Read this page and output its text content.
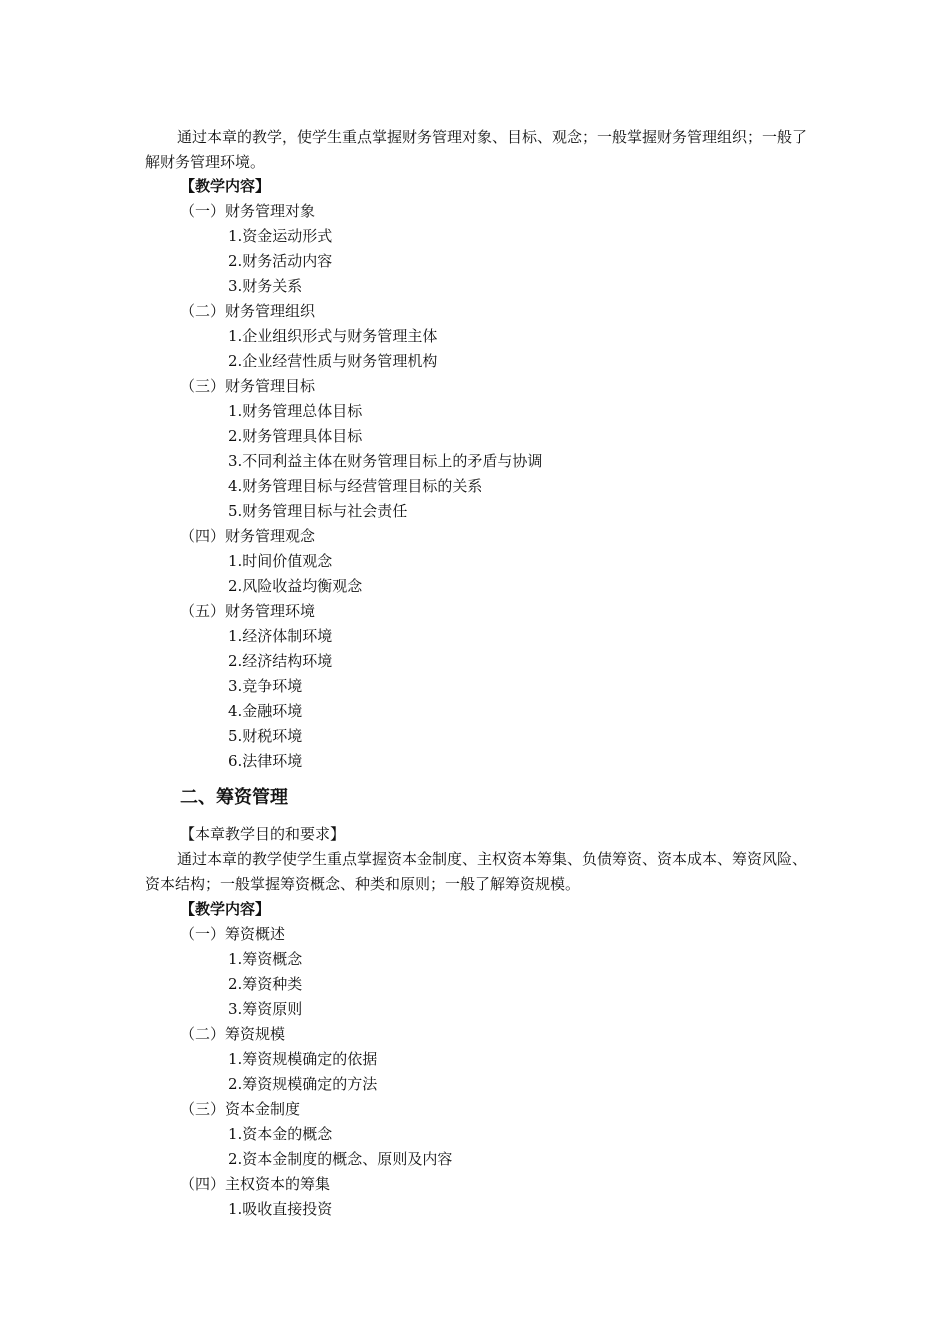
通过本章的教学，使学生重点掌握财务管理对象、目标、观念；一般掌握财务管理组织；一般了解财务管理环境。

【教学内容】

（一）财务管理对象

1.资金运动形式

2.财务活动内容

3.财务关系

（二）财务管理组织

1.企业组织形式与财务管理主体

2.企业经营性质与财务管理机构

（三）财务管理目标

1.财务管理总体目标

2.财务管理具体目标

3.不同利益主体在财务管理目标上的矛盾与协调

4.财务管理目标与经营管理目标的关系

5.财务管理目标与社会责任

（四）财务管理观念

1.时间价值观念

2.风险收益均衡观念

（五）财务管理环境

1.经济体制环境

2.经济结构环境

3.竞争环境

4.金融环境

5.财税环境

6.法律环境

二、筹资管理

【本章教学目的和要求】

通过本章的教学使学生重点掌握资本金制度、主权资本筹集、负债筹资、资本成本、筹资风险、资本结构；一般掌握筹资概念、种类和原则；一般了解筹资规模。

【教学内容】

（一）筹资概述

1.筹资概念

2.筹资种类

3.筹资原则

（二）筹资规模

1.筹资规模确定的依据

2.筹资规模确定的方法

（三）资本金制度

1.资本金的概念

2.资本金制度的概念、原则及内容

（四）主权资本的筹集

1.吸收直接投资
